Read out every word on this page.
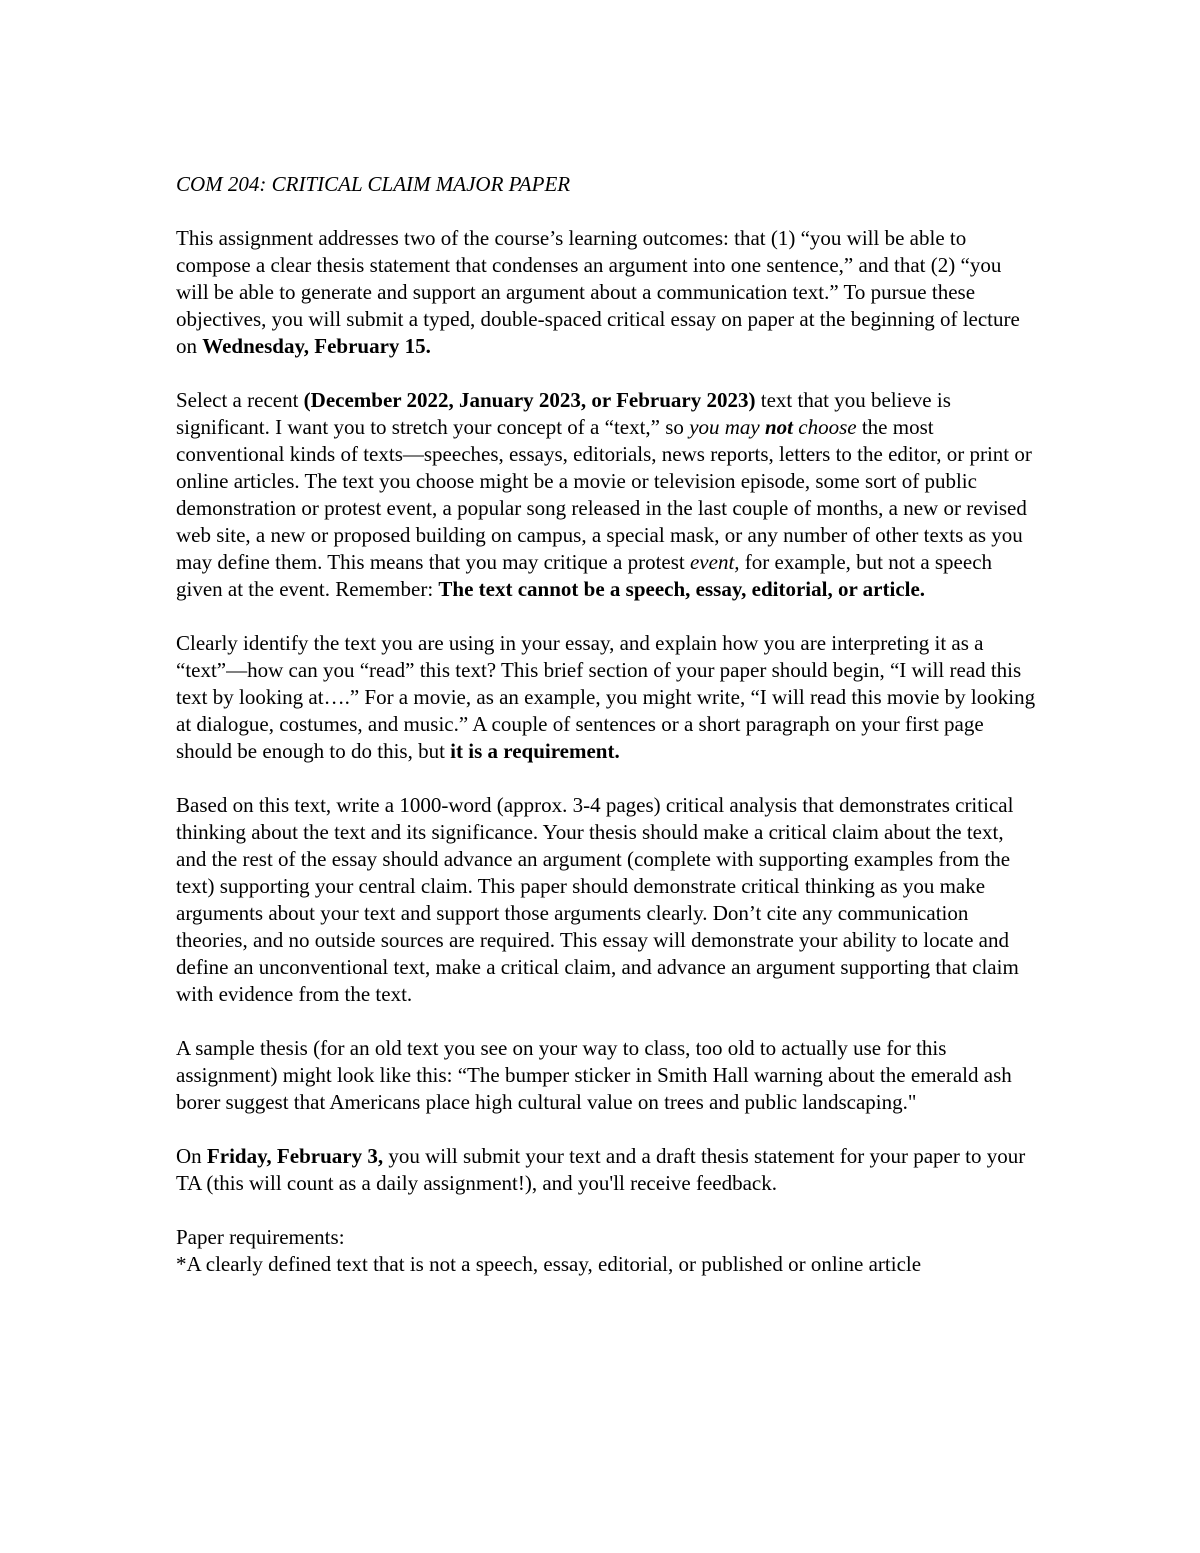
COM 204: CRITICAL CLAIM MAJOR PAPER

This assignment addresses two of the course’s learning outcomes: that (1) “you will be able to compose a clear thesis statement that condenses an argument into one sentence,” and that (2) “you will be able to generate and support an argument about a communication text.” To pursue these objectives, you will submit a typed, double-spaced critical essay on paper at the beginning of lecture on Wednesday, February 15.

Select a recent (December 2022, January 2023, or February 2023) text that you believe is significant. I want you to stretch your concept of a “text,” so you may not choose the most conventional kinds of texts—speeches, essays, editorials, news reports, letters to the editor, or print or online articles. The text you choose might be a movie or television episode, some sort of public demonstration or protest event, a popular song released in the last couple of months, a new or revised web site, a new or proposed building on campus, a special mask, or any number of other texts as you may define them. This means that you may critique a protest event, for example, but not a speech given at the event. Remember: The text cannot be a speech, essay, editorial, or article.

Clearly identify the text you are using in your essay, and explain how you are interpreting it as a “text”—how can you “read” this text? This brief section of your paper should begin, “I will read this text by looking at….” For a movie, as an example, you might write, “I will read this movie by looking at dialogue, costumes, and music.” A couple of sentences or a short paragraph on your first page should be enough to do this, but it is a requirement.

Based on this text, write a 1000-word (approx. 3-4 pages) critical analysis that demonstrates critical thinking about the text and its significance. Your thesis should make a critical claim about the text, and the rest of the essay should advance an argument (complete with supporting examples from the text) supporting your central claim. This paper should demonstrate critical thinking as you make arguments about your text and support those arguments clearly. Don’t cite any communication theories, and no outside sources are required. This essay will demonstrate your ability to locate and define an unconventional text, make a critical claim, and advance an argument supporting that claim with evidence from the text.

A sample thesis (for an old text you see on your way to class, too old to actually use for this assignment) might look like this: “The bumper sticker in Smith Hall warning about the emerald ash borer suggest that Americans place high cultural value on trees and public landscaping."

On Friday, February 3, you will submit your text and a draft thesis statement for your paper to your TA (this will count as a daily assignment!), and you'll receive feedback.

Paper requirements:

*A clearly defined text that is not a speech, essay, editorial, or published or online article
